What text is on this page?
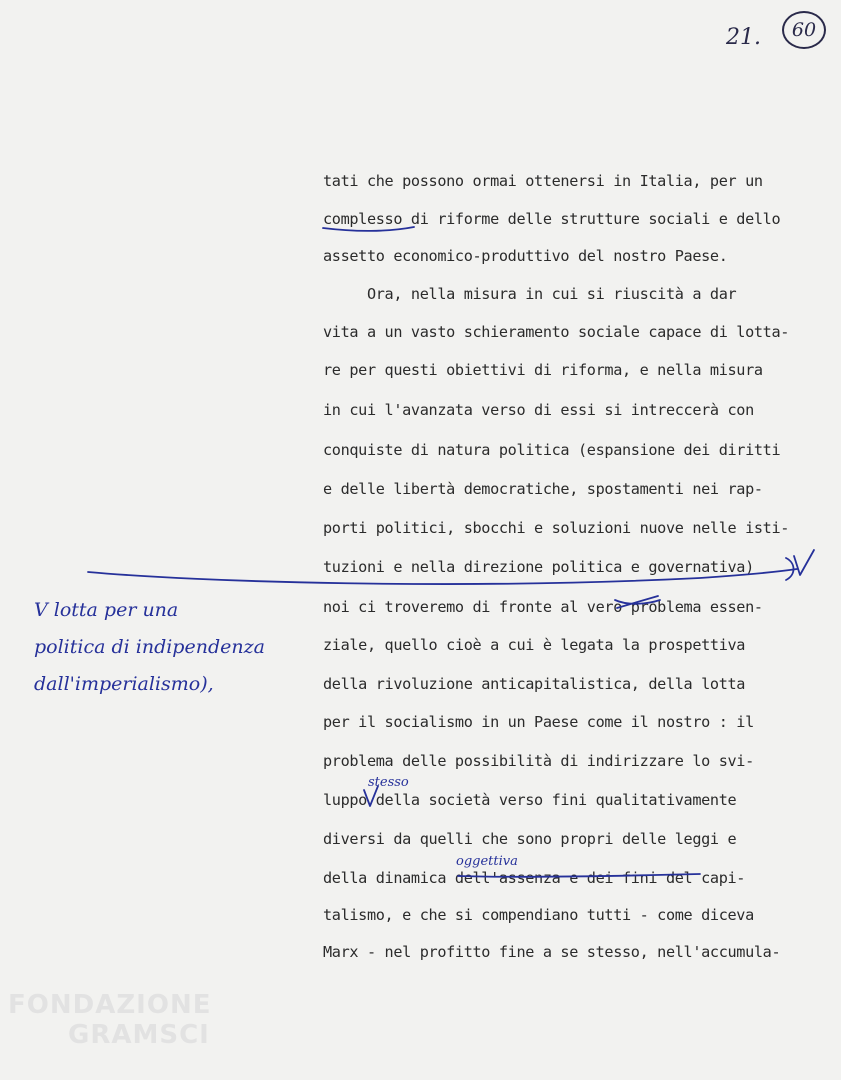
21. 60
tati che possono ormai ottenersi in Italia, per un
complesso di riforme delle strutture sociali e dello
assetto economico-produttivo del nostro Paese.
Ora, nella misura in cui si riuscità a dar
vita a un vasto schieramento sociale capace di lotta-
re per questi obiettivi di riforma, e nella misura
in cui l'avanzata verso di essi si intreccerà con
conquiste di natura politica (espansione dei diritti
e delle libertà democratiche, spostamenti nei rap-
porti politici, sbocchi e soluzioni nuove nelle isti-
tuzioni e nella direzione politica e governativa)
noi ci troveremo di fronte al vero problema essen-
ziale, quello cioè a cui è legata la prospettiva
della rivoluzione anticapitalistica, della lotta
per il socialismo in un Paese come il nostro : il
problema delle possibilità di indirizzare lo svi-
luppo della società verso fini qualitativamente
diversi da quelli che sono propri delle leggi e
della dinamica dell'assenza e dei fini del capi-
talismo, e che si compendiano tutti - come diceva
Marx - nel profitto fine a se stesso, nell'accumula-
stesso
oggettiva
V lotta per una
politica di indipendenza
dall'imperialismo),
FONDAZIONE
GRAMSCI
